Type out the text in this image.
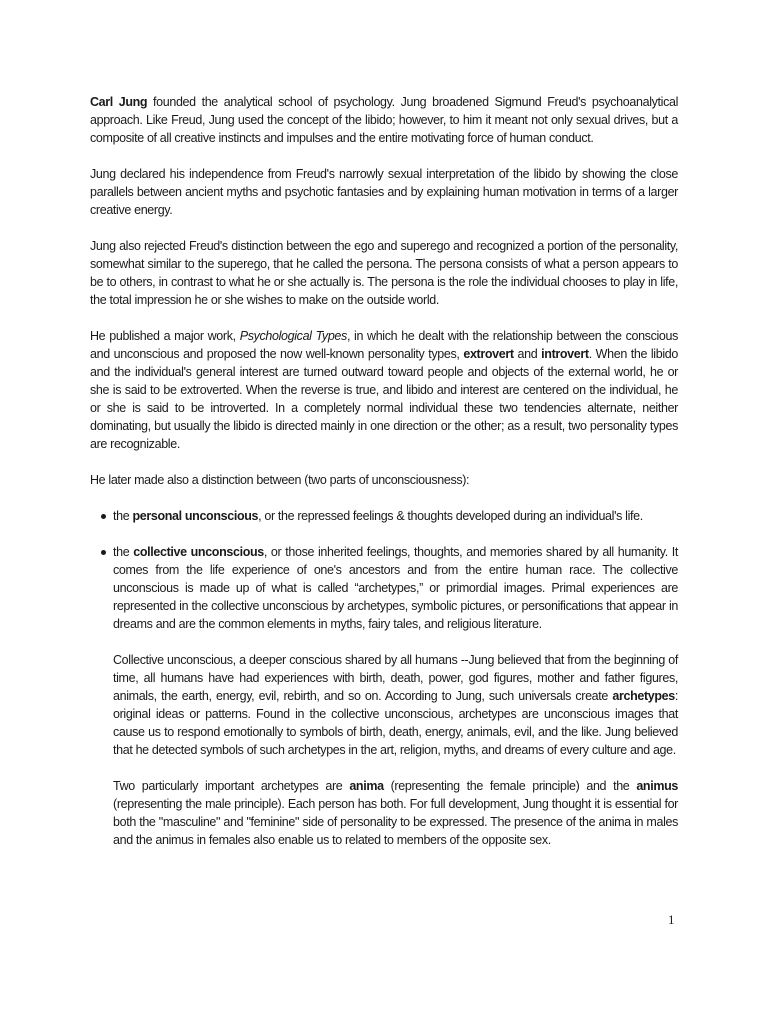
Carl Jung founded the analytical school of psychology. Jung broadened Sigmund Freud's psychoanalytical approach. Like Freud, Jung used the concept of the libido; however, to him it meant not only sexual drives, but a composite of all creative instincts and impulses and the entire motivating force of human conduct.

Jung declared his independence from Freud's narrowly sexual interpretation of the libido by showing the close parallels between ancient myths and psychotic fantasies and by explaining human motivation in terms of a larger creative energy.

Jung also rejected Freud's distinction between the ego and superego and recognized a portion of the personality, somewhat similar to the superego, that he called the persona. The persona consists of what a person appears to be to others, in contrast to what he or she actually is. The persona is the role the individual chooses to play in life, the total impression he or she wishes to make on the outside world.

He published a major work, Psychological Types, in which he dealt with the relationship between the conscious and unconscious and proposed the now well-known personality types, extrovert and introvert. When the libido and the individual's general interest are turned outward toward people and objects of the external world, he or she is said to be extroverted. When the reverse is true, and libido and interest are centered on the individual, he or she is said to be introverted. In a completely normal individual these two tendencies alternate, neither dominating, but usually the libido is directed mainly in one direction or the other; as a result, two personality types are recognizable.

He later made also a distinction between (two parts of unconsciousness):

the personal unconscious, or the repressed feelings & thoughts developed during an individual's life.

the collective unconscious, or those inherited feelings, thoughts, and memories shared by all humanity. It comes from the life experience of one's ancestors and from the entire human race. The collective unconscious is made up of what is called “archetypes,” or primordial images. Primal experiences are represented in the collective unconscious by archetypes, symbolic pictures, or personifications that appear in dreams and are the common elements in myths, fairy tales, and religious literature.

Collective unconscious, a deeper conscious shared by all humans --Jung believed that from the beginning of time, all humans have had experiences with birth, death, power, god figures, mother and father figures, animals, the earth, energy, evil, rebirth, and so on. According to Jung, such universals create archetypes: original ideas or patterns. Found in the collective unconscious, archetypes are unconscious images that cause us to respond emotionally to symbols of birth, death, energy, animals, evil, and the like. Jung believed that he detected symbols of such archetypes in the art, religion, myths, and dreams of every culture and age.

Two particularly important archetypes are anima (representing the female principle) and the animus (representing the male principle). Each person has both. For full development, Jung thought it is essential for both the "masculine" and "feminine" side of personality to be expressed. The presence of the anima in males and the animus in females also enable us to related to members of the opposite sex.

1
